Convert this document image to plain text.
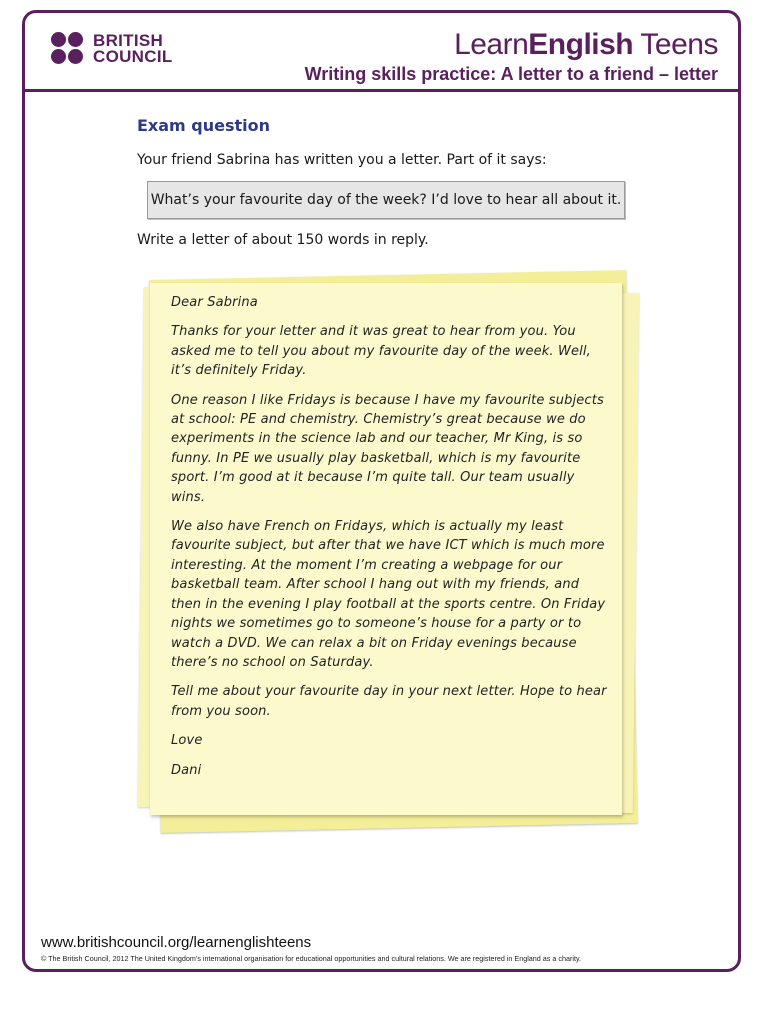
BRITISH
COUNCIL	LearnEnglish Teens
Writing skills practice: A letter to a friend – letter
Exam question
Your friend Sabrina has written you a letter. Part of it says:
What’s your favourite day of the week? I’d love to hear all about it.
Write a letter of about 150 words in reply.

Dear Sabrina

Thanks for your letter and it was great to hear from you. You asked me to tell you about my favourite day of the week. Well, it’s definitely Friday.

One reason I like Fridays is because I have my favourite subjects at school: PE and chemistry. Chemistry’s great because we do experiments in the science lab and our teacher, Mr King, is so funny. In PE we usually play basketball, which is my favourite sport. I’m good at it because I’m quite tall. Our team usually wins.

We also have French on Fridays, which is actually my least favourite subject, but after that we have ICT which is much more interesting. At the moment I’m creating a webpage for our basketball team. After school I hang out with my friends, and then in the evening I play football at the sports centre. On Friday nights we sometimes go to someone’s house for a party or to watch a DVD. We can relax a bit on Friday evenings because there’s no school on Saturday.

Tell me about your favourite day in your next letter. Hope to hear from you soon.

Love

Dani

www.britishcouncil.org/learnenglishteens
© The British Council, 2012 The United Kingdom’s international organisation for educational opportunities and cultural relations. We are registered in England as a charity.
